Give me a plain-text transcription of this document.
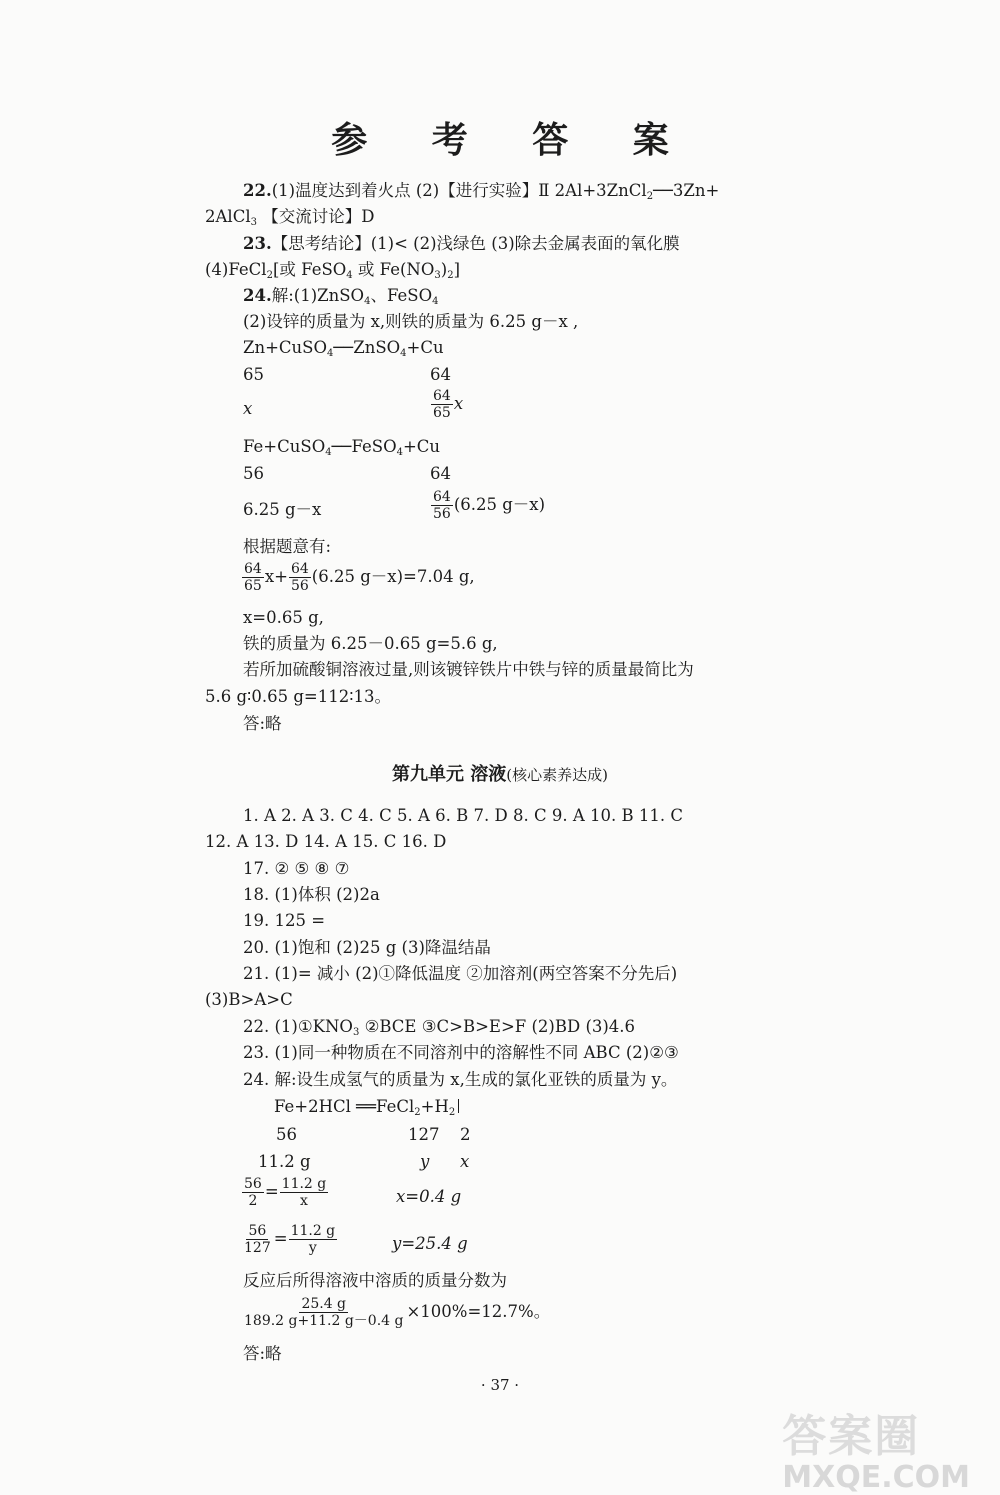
参 考 答 案
22.(1)温度达到着火点 (2)【进行实验】Ⅱ 2Al+3ZnCl$_2$──3Zn+
2AlCl$_3$ 【交流讨论】D
23.【思考结论】(1)< (2)浅绿色 (3)除去金属表面的氧化膜
(4)FeCl$_2$[或 FeSO$_4$ 或 $Fe(NO_3)_2$]
24.解:(1)ZnSO$_4$、FeSO$_4$
(2)设锌的质量为 x,则铁的质量为 6.25 g－x ,
Zn+CuSO$_4$──ZnSO$_4$+Cu
65	64
x	$\frac{64}{65}$ x
Fe+CuSO$_4$──FeSO$_4$+Cu
56	64
6.25 g－x	$\frac{64}{56} (6.25$ g－x)
根据题意有:
$\frac{64}{65} x+ \frac{64}{56} (6.25$ g－x)=7.04 g,
x=0.65 g,
铁的质量为 6.25－0.65 g=5.6 g,
若所加硫酸铜溶液过量,则该镀锌铁片中铁与锌的质量最简比为
5.6 g∶0.65 g=112∶13。
答:略
第九单元 溶液(核心素养达成)
1. A 2. A 3. C 4. C 5. A 6. B 7. D 8. C 9. A 10. B 11. C
12. A 13. D 14. A 15. C 16. D
17. ② ⑤ ⑧ ⑦
18. (1)体积 (2)2a
19. 125 =
20. (1)饱和 (2)25 g (3)降温结晶
21. (1)= 减小 (2)①降低温度 ②加溶剂(两空答案不分先后)
(3)B>A>C
22. $(1)①KNO_3$ ②BCE ③C>B>E>F (2)BD (3)4.6
23. (1)同一种物质在不同溶剂中的溶解性不同 ABC (2)②③
24. 解:设生成氢气的质量为 x,生成的氯化亚铁的质量为 y。
Fe+2HCl $══FeCl_2+H_2$
56	127 2
11.2 g	y x
$\frac{56}{2} = \frac{11.2 g}{x}$	x=0.4 g
$\frac{56}{127} = \frac{11.2 g}{y}$	y=25.4 g
反应后所得溶液中溶质的质量分数为
$\frac{25.4 g}{189.2 g+11.2 g-0.4 g} \times 100\%=12.7\%$。
答:略
· 37 ·
答案圈
MXQE.COM
